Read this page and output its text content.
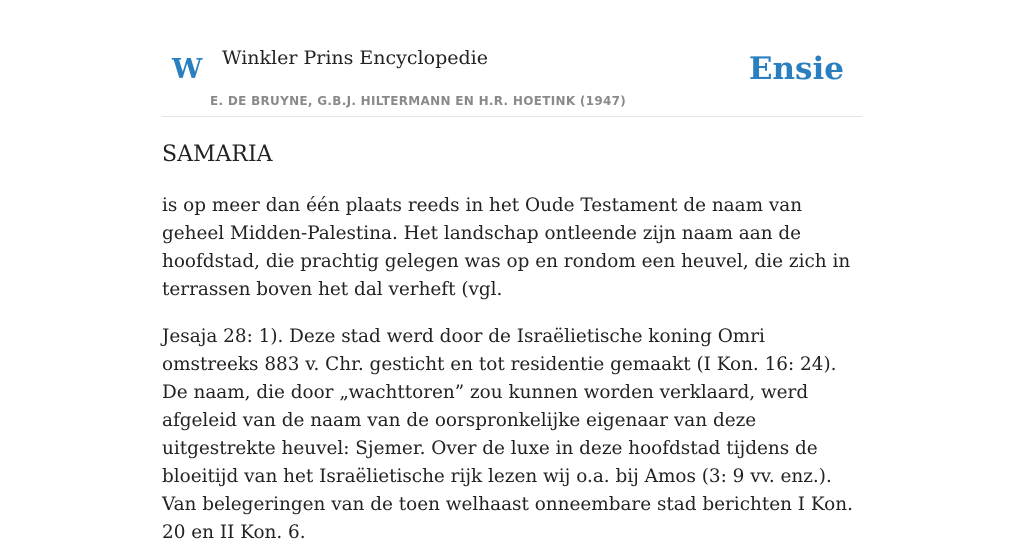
W Winkler Prins Encyclopedie
E. DE BRUYNE, G.B.J. HILTERMANN EN H.R. HOETINK (1947)
Ensie
SAMARIA

is op meer dan één plaats reeds in het Oude Testament de naam van geheel Midden-Palestina. Het landschap ontleende zijn naam aan de hoofdstad, die prachtig gelegen was op en rondom een heuvel, die zich in terrassen boven het dal verheft (vgl.

Jesaja 28: 1). Deze stad werd door de Israëlietische koning Omri omstreeks 883 v. Chr. gesticht en tot residentie gemaakt (I Kon. 16: 24). De naam, die door „wachttoren” zou kunnen worden verklaard, werd afgeleid van de naam van de oorspronkelijke eigenaar van deze uitgestrekte heuvel: Sjemer. Over de luxe in deze hoofdstad tijdens de bloeitijd van het Israëlietische rijk lezen wij o.a. bij Amos (3: 9 vv. enz.). Van belegeringen van de toen welhaast onneembare stad berichten I Kon. 20 en II Kon. 6.
